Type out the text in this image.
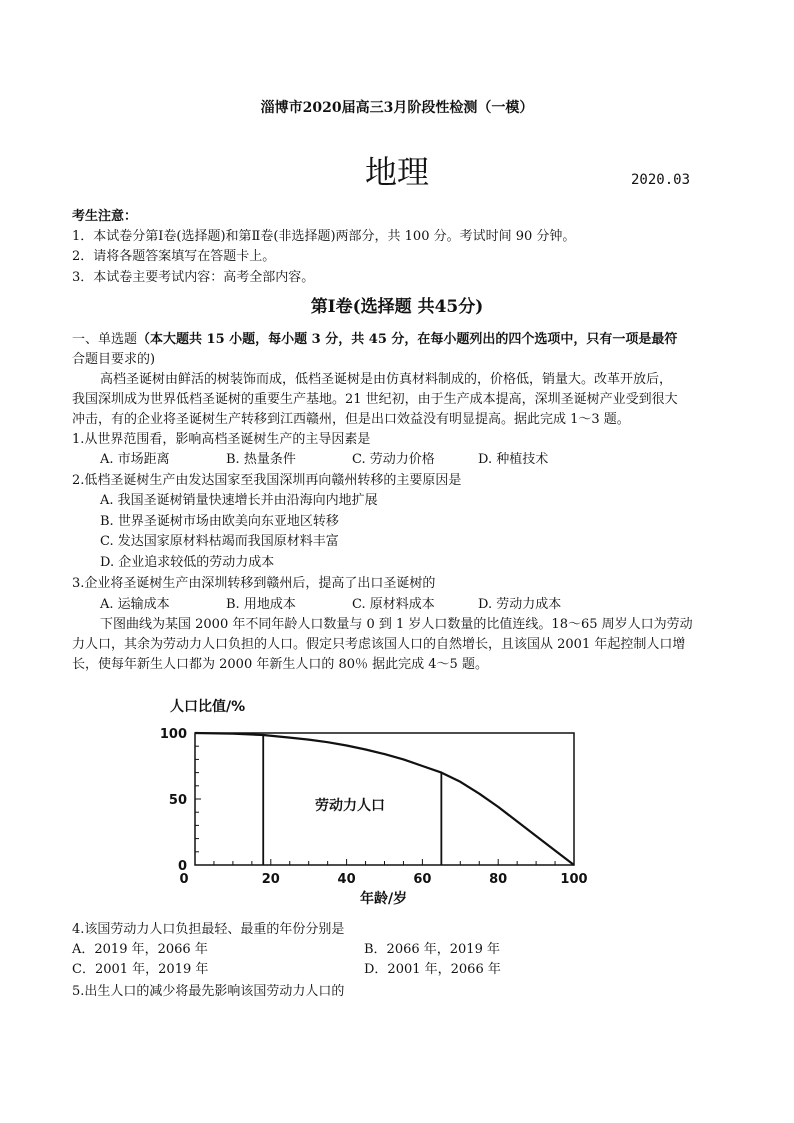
淄博市2020届高三3月阶段性检测（一模）
地理	2020.03
考生注意：
1．本试卷分第Ⅰ卷(选择题)和第Ⅱ卷(非选择题)两部分，共 100 分。考试时间 90 分钟。
2．请将各题答案填写在答题卡上。
3．本试卷主要考试内容：高考全部内容。
第Ⅰ卷(选择题 共45分)
一、单选题（本大题共 15 小题，每小题 3 分，共 45 分，在每小题列出的四个选项中，只有一项是最符
合题目要求的)
高档圣诞树由鲜活的树装饰而成，低档圣诞树是由仿真材料制成的，价格低，销量大。改革开放后，
我国深圳成为世界低档圣诞树的重要生产基地。21 世纪初，由于生产成本提高，深圳圣诞树产业受到很大
冲击，有的企业将圣诞树生产转移到江西赣州，但是出口效益没有明显提高。据此完成 1～3 题。
1.从世界范围看，影响高档圣诞树生产的主导因素是
A. 市场距离	B. 热量条件	C. 劳动力价格	D. 种植技术
2.低档圣诞树生产由发达国家至我国深圳再向赣州转移的主要原因是
A. 我国圣诞树销量快速增长并由沿海向内地扩展
B. 世界圣诞树市场由欧美向东亚地区转移
C. 发达国家原材料枯竭而我国原材料丰富
D. 企业追求较低的劳动力成本
3.企业将圣诞树生产由深圳转移到赣州后，提高了出口圣诞树的
A. 运输成本	B. 用地成本	C. 原材料成本	D. 劳动力成本
下图曲线为某国 2000 年不同年龄人口数量与 0 到 1 岁人口数量的比值连线。18～65 周岁人口为劳动
力人口，其余为劳动力人口负担的人口。假定只考虑该国人口的自然增长，且该国从 2001 年起控制人口增
长，使每年新生人口都为 2000 年新生人口的 80％ 据此完成 4～5 题。
人口比值/%
年龄/岁
劳动力人口
0	20	40	60	80	100
100
50
0
4.该国劳动力人口负担最轻、最重的年份分别是
A．2019 年，2066 年	B．2066 年，2019 年
C．2001 年，2019 年	D．2001 年，2066 年
5.出生人口的减少将最先影响该国劳动力人口的
